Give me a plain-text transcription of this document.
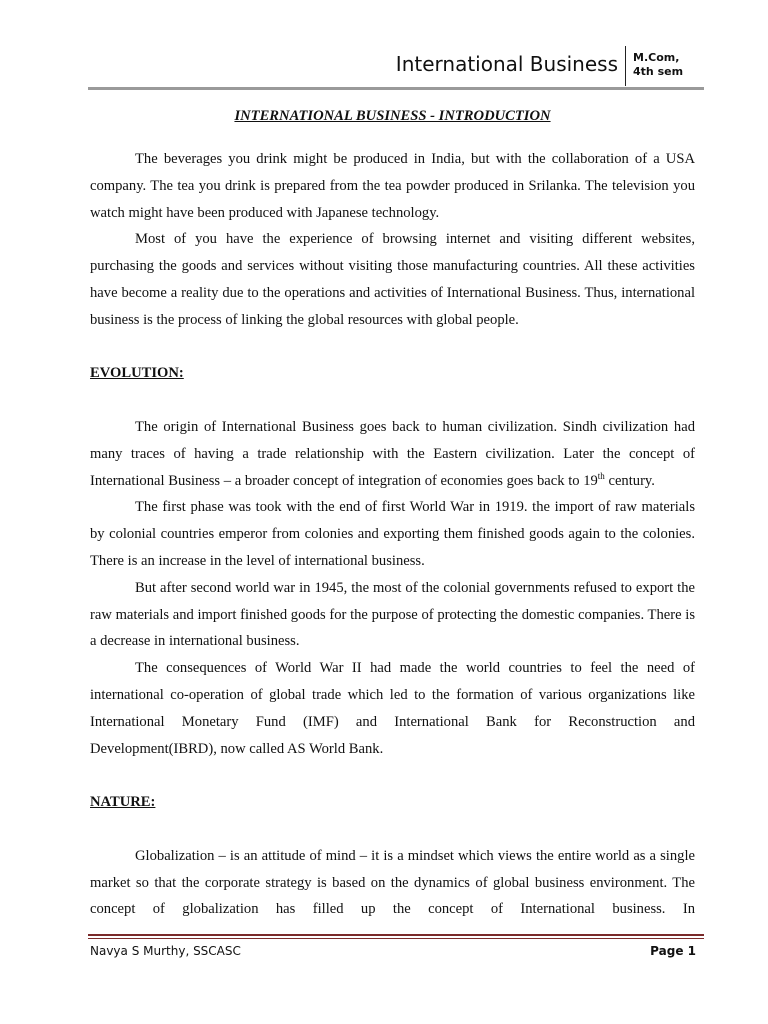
International Business M.Com,
4th sem

INTERNATIONAL BUSINESS - INTRODUCTION

The beverages you drink might be produced in India, but with the collaboration of a USA company. The tea you drink is prepared from the tea powder produced in Srilanka. The television you watch might have been produced with Japanese technology.

Most of you have the experience of browsing internet and visiting different websites, purchasing the goods and services without visiting those manufacturing countries. All these activities have become a reality due to the operations and activities of International Business. Thus, international business is the process of linking the global resources with global people.

EVOLUTION:

The origin of International Business goes back to human civilization. Sindh civilization had many traces of having a trade relationship with the Eastern civilization. Later the concept of International Business – a broader concept of integration of economies goes back to 19th century.

The first phase was took with the end of first World War in 1919. the import of raw materials by colonial countries emperor from colonies and exporting them finished goods again to the colonies. There is an increase in the level of international business.

But after second world war in 1945, the most of the colonial governments refused to export the raw materials and import finished goods for the purpose of protecting the domestic companies. There is a decrease in international business.

The consequences of World War II had made the world countries to feel the need of international co-operation of global trade which led to the formation of various organizations like International Monetary Fund (IMF) and International Bank for Reconstruction and Development(IBRD), now called AS World Bank.

NATURE:

Globalization – is an attitude of mind – it is a mindset which views the entire world as a single market so that the corporate strategy is based on the dynamics of global business environment. The concept of globalization has filled up the concept of International business. In

Navya S Murthy, SSCASC	Page 1
